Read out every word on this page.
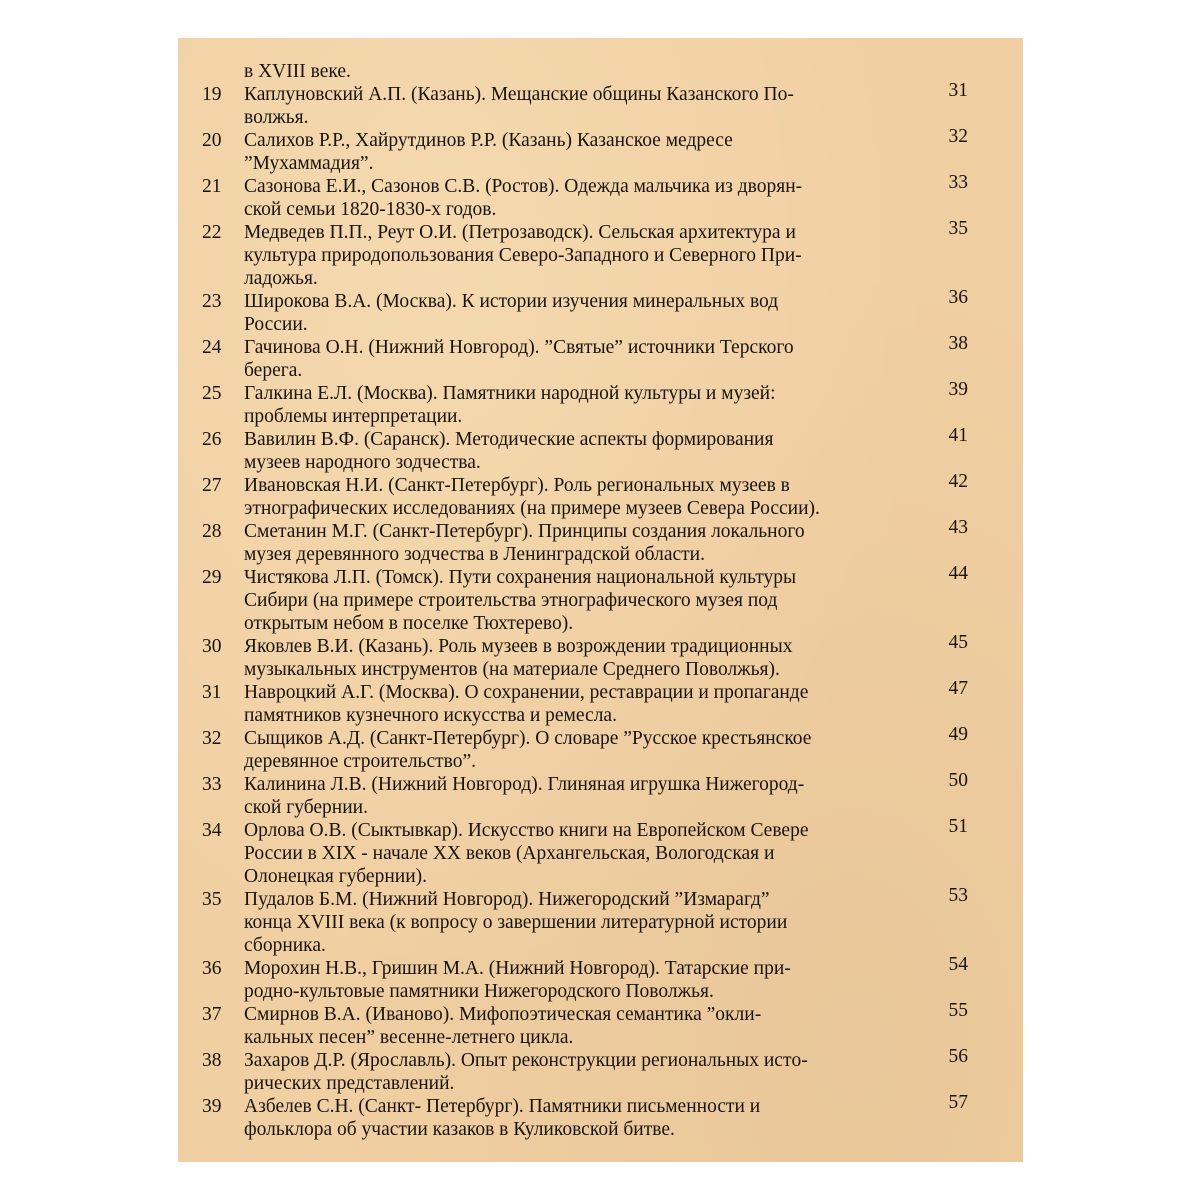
в XVIII веке.
19	Каплуновский А.П. (Казань). Мещанские общины Казанского По-
волжья.
31
20	Салихов Р.Р., Хайрутдинов Р.Р. (Казань) Казанское медресе
”Мухаммадия”.
32
21	Сазонова Е.И., Сазонов С.В. (Ростов). Одежда мальчика из дворян-
ской семьи 1820-1830-х годов.
33
22	Медведев П.П., Реут О.И. (Петрозаводск). Сельская архитектура и
культура природопользования Северо-Западного и Северного При-
ладожья.
35
23	Широкова В.А. (Москва). К истории изучения минеральных вод
России.
36
24	Гачинова О.Н. (Нижний Новгород). ”Святые” источники Терского
берега.
38
25	Галкина Е.Л. (Москва). Памятники народной культуры и музей:
проблемы интерпретации.
39
26	Вавилин В.Ф. (Саранск). Методические аспекты формирования
музеев народного зодчества.
41
27	Ивановская Н.И. (Санкт-Петербург). Роль региональных музеев в
этнографических исследованиях (на примере музеев Севера России).
42
28	Сметанин М.Г. (Санкт-Петербург). Принципы создания локального
музея деревянного зодчества в Ленинградской области.
43
29	Чистякова Л.П. (Томск). Пути сохранения национальной культуры
Сибири (на примере строительства этнографического музея под
открытым небом в поселке Тюхтерево).
44
30	Яковлев В.И. (Казань). Роль музеев в возрождении традиционных
музыкальных инструментов (на материале Среднего Поволжья).
45
31	Навроцкий А.Г. (Москва). О сохранении, реставрации и пропаганде
памятников кузнечного искусства и ремесла.
47
32	Сыщиков А.Д. (Санкт-Петербург). О словаре ”Русское крестьянское
деревянное строительство”.
49
33	Калинина Л.В. (Нижний Новгород). Глиняная игрушка Нижегород-
ской губернии.
50
34	Орлова О.В. (Сыктывкар). Искусство книги на Европейском Севере
России в XIX - начале XX веков (Архангельская, Вологодская и
Олонецкая губернии).
51
35	Пудалов Б.М. (Нижний Новгород). Нижегородский ”Измарагд”
конца XVIII века (к вопросу о завершении литературной истории
сборника.
53
36	Морохин Н.В., Гришин М.А. (Нижний Новгород). Татарские при-
родно-культовые памятники Нижегородского Поволжья.
54
37	Смирнов В.А. (Иваново). Мифопоэтическая семантика ”окли-
кальных песен” весенне-летнего цикла.
55
38	Захаров Д.Р. (Ярославль). Опыт реконструкции региональных истo-
рических представлений.
56
39	Азбелев С.Н. (Санкт- Петербург). Памятники письменности и
фольклора об участии казаков в Куликовской битве.
57
